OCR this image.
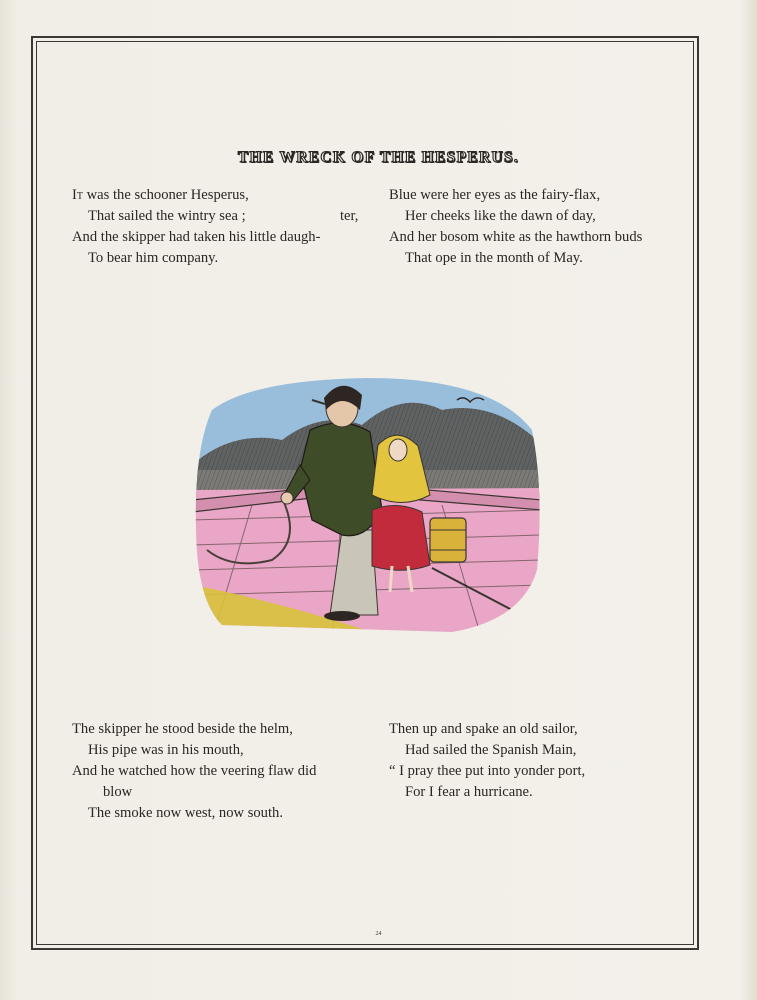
THE WRECK OF THE HESPERUS.
It was the schooner Hesperus,
That sailed the wintry sea ;
And the skipper had taken his little daugh-
To bear him company.
ter,
Blue were her eyes as the fairy-flax,
Her cheeks like the dawn of day,
And her bosom white as the hawthorn buds
That ope in the month of May.
The skipper he stood beside the helm,
His pipe was in his mouth,
And he watched how the veering flaw did
blow
The smoke now west, now south.
Then up and spake an old sailor,
Had sailed the Spanish Main,
“ I pray thee put into yonder port,
For I fear a hurricane.
24
